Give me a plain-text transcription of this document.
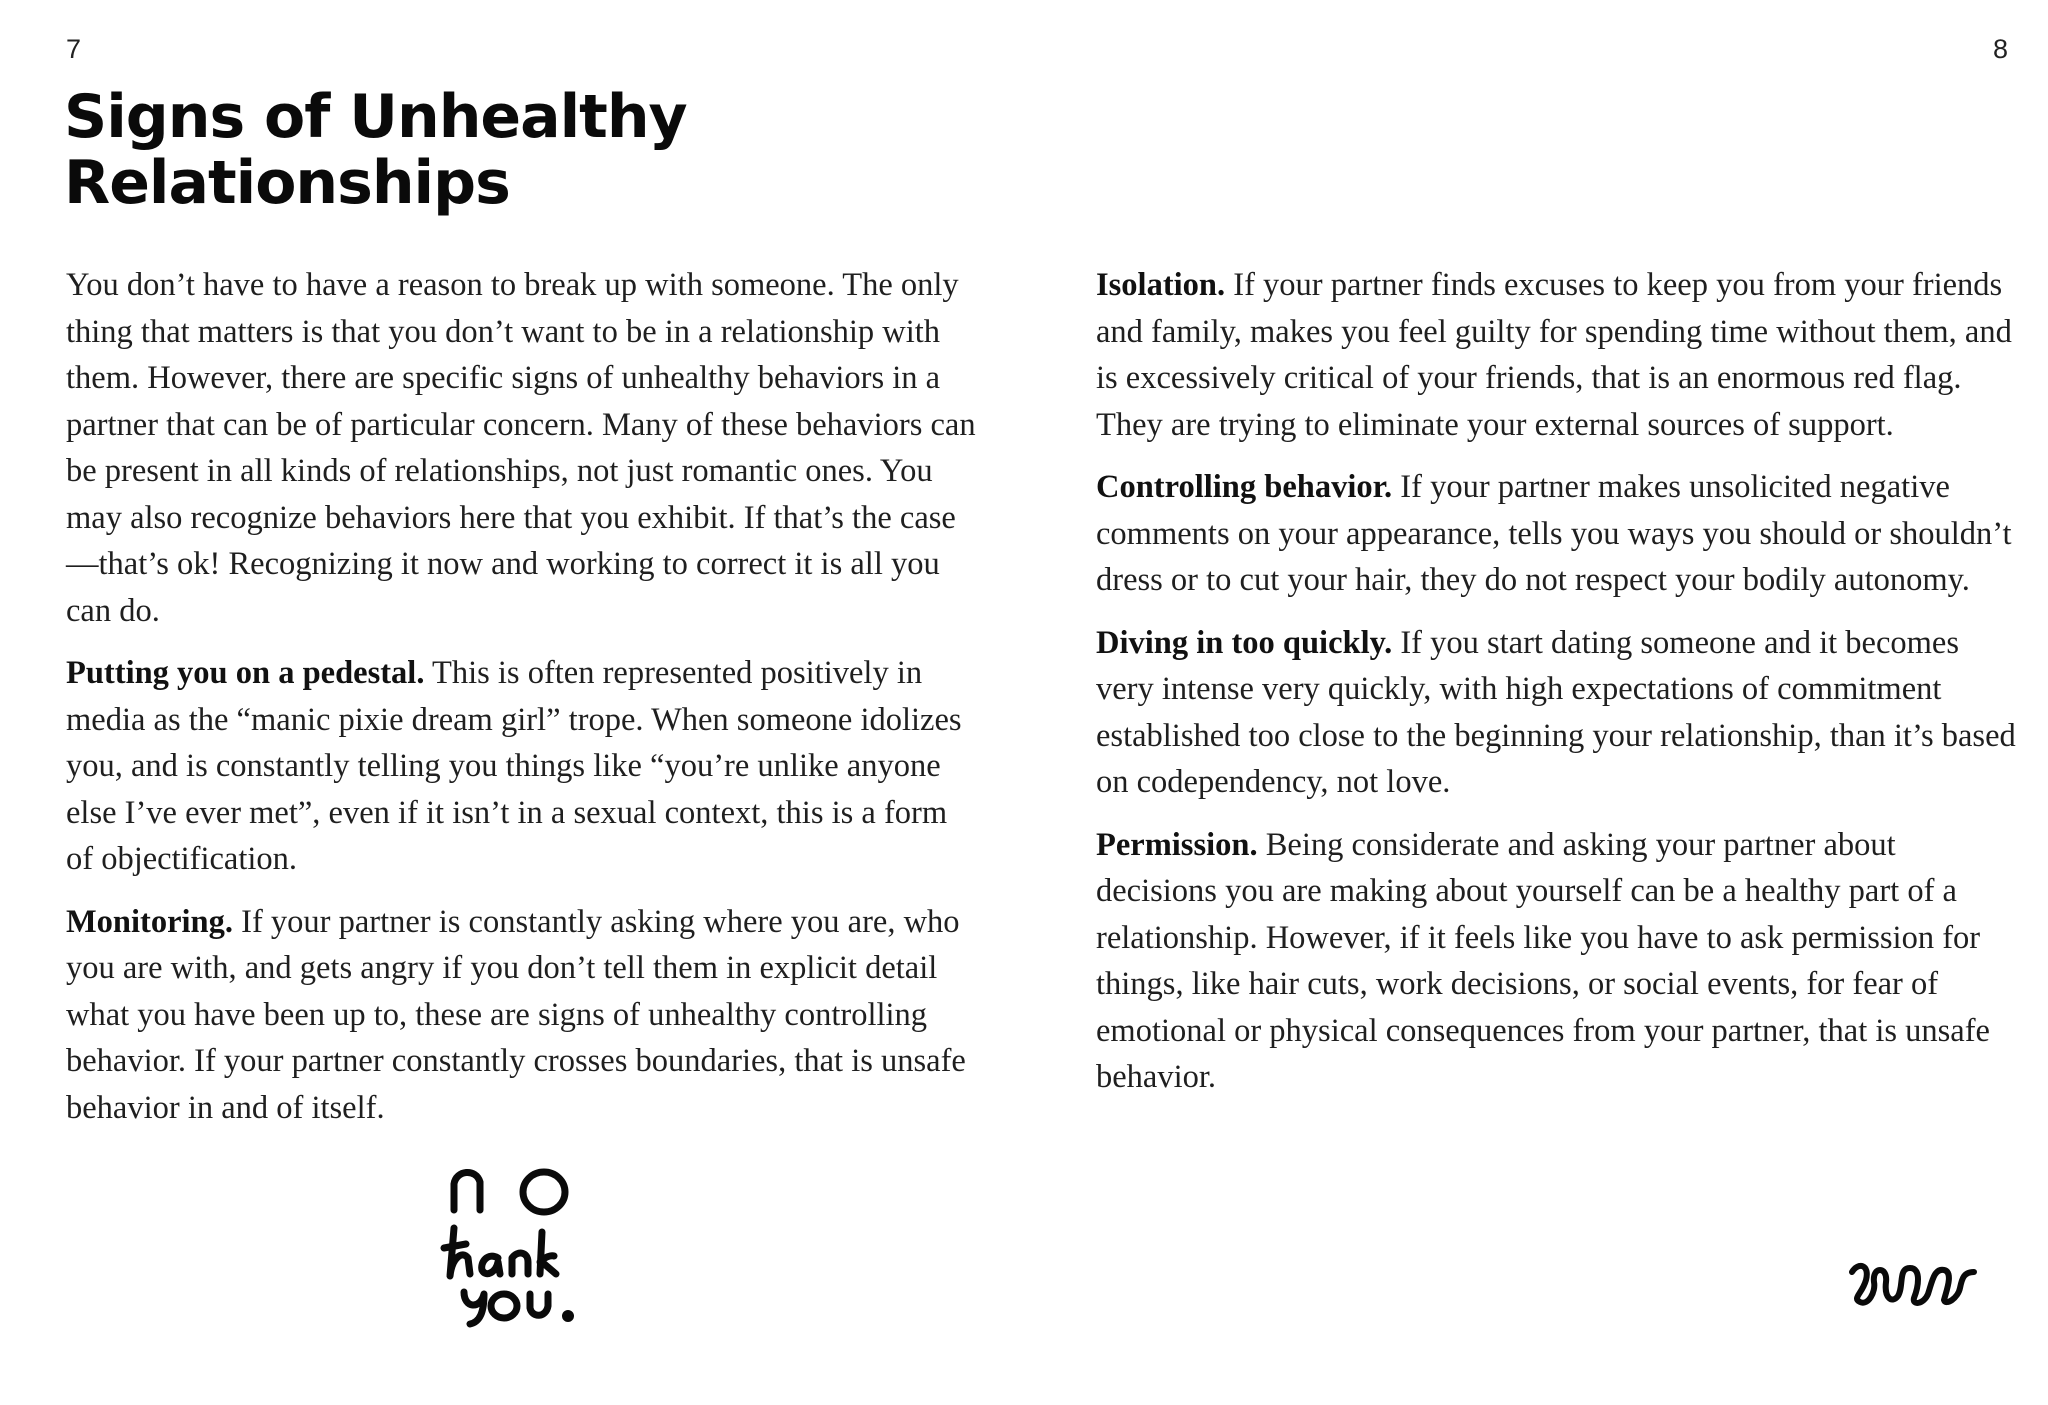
7	8
Signs of Unhealthy Relationships

You don’t have to have a reason to break up with someone. The only thing that matters is that you don’t want to be in a relationship with them. However, there are specific signs of unhealthy behaviors in a partner that can be of particular concern. Many of these behaviors can be present in all kinds of relationships, not just romantic ones. You may also recognize behaviors here that you exhibit. If that’s the case—that’s ok! Recognizing it now and working to correct it is all you can do.

Putting you on a pedestal. This is often represented positively in media as the “manic pixie dream girl” trope. When someone idolizes you, and is constantly telling you things like “you’re unlike anyone else I’ve ever met”, even if it isn’t in a sexual context, this is a form of objectification.

Monitoring. If your partner is constantly asking where you are, who you are with, and gets angry if you don’t tell them in explicit detail what you have been up to, these are signs of unhealthy controlling behavior. If your partner constantly crosses boundaries, that is unsafe behavior in and of itself.

Isolation. If your partner finds excuses to keep you from your friends and family, makes you feel guilty for spending time without them, and is excessively critical of your friends, that is an enormous red flag. They are trying to eliminate your external sources of support.

Controlling behavior. If your partner makes unsolicited negative comments on your appearance, tells you ways you should or shouldn’t dress or to cut your hair, they do not respect your bodily autonomy.

Diving in too quickly. If you start dating someone and it becomes very intense very quickly, with high expectations of commitment established too close to the beginning your relationship, than it’s based on codependency, not love.

Permission. Being considerate and asking your partner about decisions you are making about yourself can be a healthy part of a relationship. However, if it feels like you have to ask permission for things, like hair cuts, work decisions, or social events, for fear of emotional or physical consequences from your partner, that is unsafe behavior.
